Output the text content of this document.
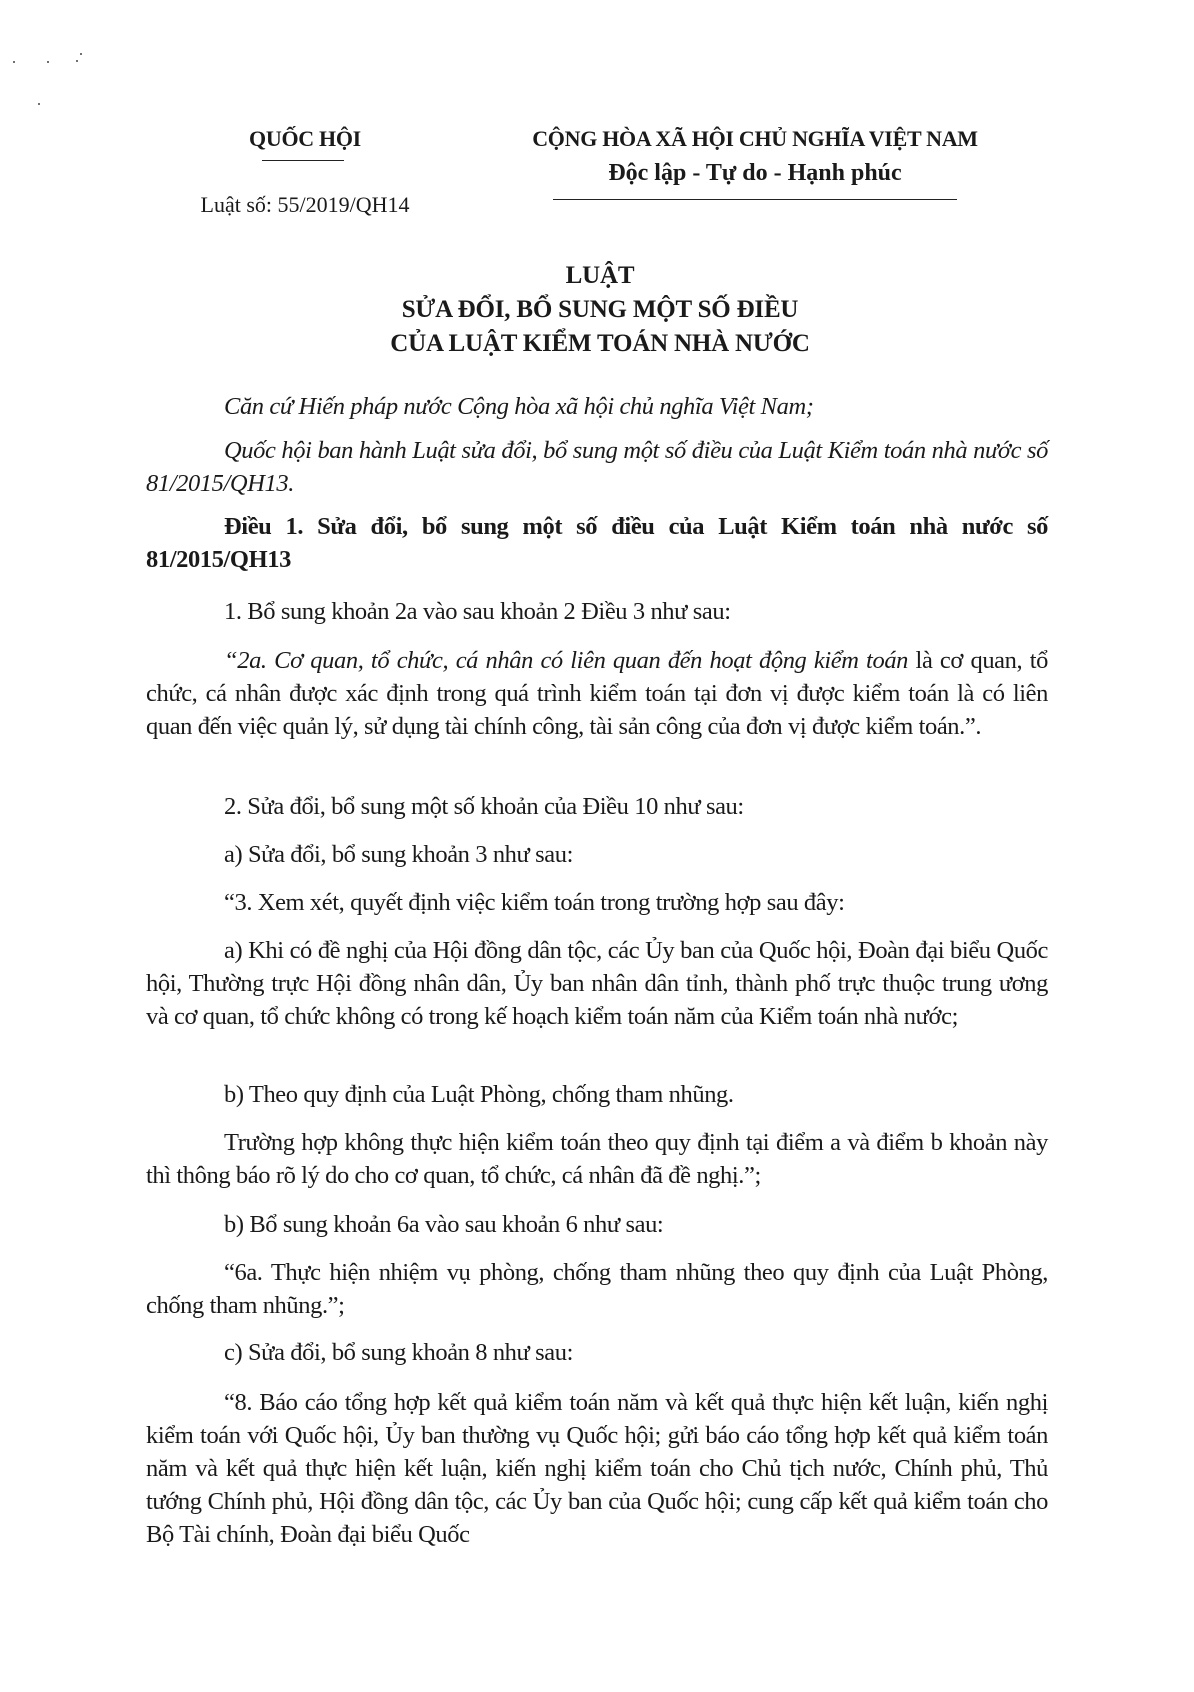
QUỐC HỘI
Luật số: 55/2019/QH14
CỘNG HÒA XÃ HỘI CHỦ NGHĨA VIỆT NAM
Độc lập - Tự do - Hạnh phúc
LUẬT
SỬA ĐỔI, BỔ SUNG MỘT SỐ ĐIỀU
CỦA LUẬT KIỂM TOÁN NHÀ NƯỚC
Căn cứ Hiến pháp nước Cộng hòa xã hội chủ nghĩa Việt Nam;
Quốc hội ban hành Luật sửa đổi, bổ sung một số điều của Luật Kiểm toán nhà nước số 81/2015/QH13.
Điều 1. Sửa đổi, bổ sung một số điều của Luật Kiểm toán nhà nước số 81/2015/QH13
1. Bổ sung khoản 2a vào sau khoản 2 Điều 3 như sau:
“2a. Cơ quan, tổ chức, cá nhân có liên quan đến hoạt động kiểm toán là cơ quan, tổ chức, cá nhân được xác định trong quá trình kiểm toán tại đơn vị được kiểm toán là có liên quan đến việc quản lý, sử dụng tài chính công, tài sản công của đơn vị được kiểm toán.”.
2. Sửa đổi, bổ sung một số khoản của Điều 10 như sau:
a) Sửa đổi, bổ sung khoản 3 như sau:
“3. Xem xét, quyết định việc kiểm toán trong trường hợp sau đây:
a) Khi có đề nghị của Hội đồng dân tộc, các Ủy ban của Quốc hội, Đoàn đại biểu Quốc hội, Thường trực Hội đồng nhân dân, Ủy ban nhân dân tỉnh, thành phố trực thuộc trung ương và cơ quan, tổ chức không có trong kế hoạch kiểm toán năm của Kiểm toán nhà nước;
b) Theo quy định của Luật Phòng, chống tham nhũng.
Trường hợp không thực hiện kiểm toán theo quy định tại điểm a và điểm b khoản này thì thông báo rõ lý do cho cơ quan, tổ chức, cá nhân đã đề nghị.”;
b) Bổ sung khoản 6a vào sau khoản 6 như sau:
“6a. Thực hiện nhiệm vụ phòng, chống tham nhũng theo quy định của Luật Phòng, chống tham nhũng.”;
c) Sửa đổi, bổ sung khoản 8 như sau:
“8. Báo cáo tổng hợp kết quả kiểm toán năm và kết quả thực hiện kết luận, kiến nghị kiểm toán với Quốc hội, Ủy ban thường vụ Quốc hội; gửi báo cáo tổng hợp kết quả kiểm toán năm và kết quả thực hiện kết luận, kiến nghị kiểm toán cho Chủ tịch nước, Chính phủ, Thủ tướng Chính phủ, Hội đồng dân tộc, các Ủy ban của Quốc hội; cung cấp kết quả kiểm toán cho Bộ Tài chính, Đoàn đại biểu Quốc
